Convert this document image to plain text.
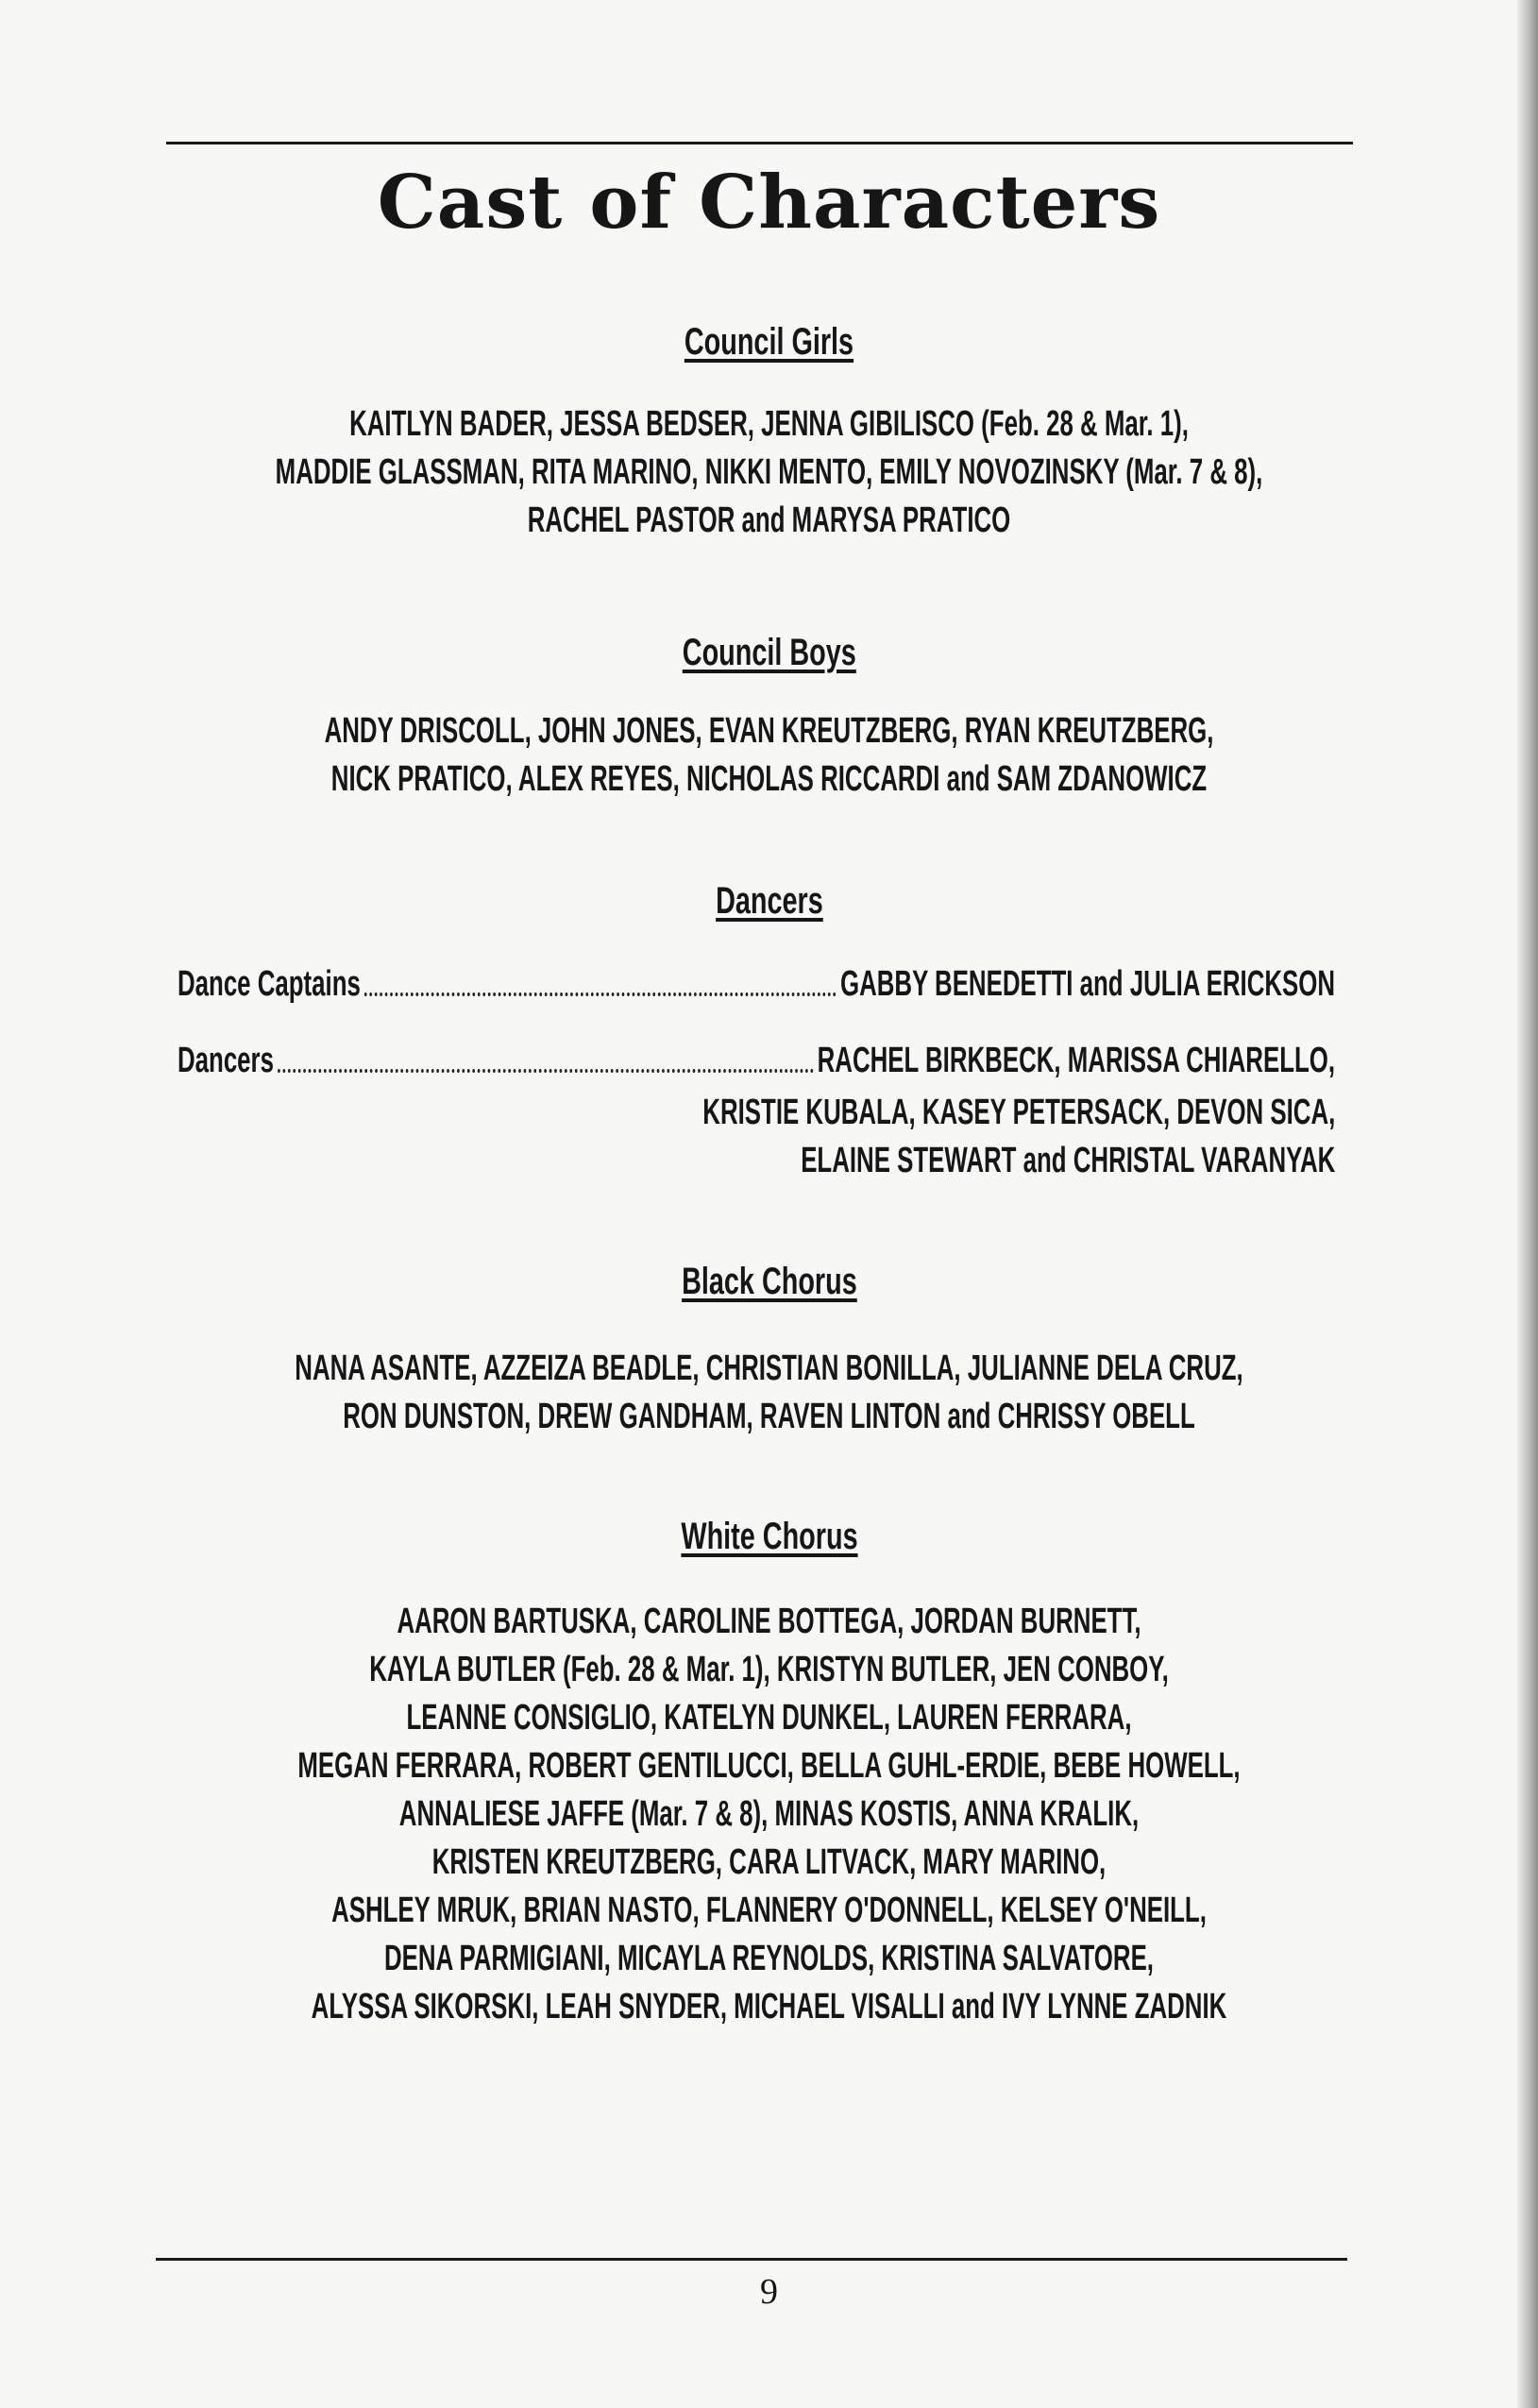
Cast of Characters
Council Girls
KAITLYN BADER, JESSA BEDSER, JENNA GIBILISCO (Feb. 28 & Mar. 1),
MADDIE GLASSMAN, RITA MARINO, NIKKI MENTO, EMILY NOVOZINSKY (Mar. 7 & 8),
RACHEL PASTOR and MARYSA PRATICO
Council Boys
ANDY DRISCOLL, JOHN JONES, EVAN KREUTZBERG, RYAN KREUTZBERG,
NICK PRATICO, ALEX REYES, NICHOLAS RICCARDI and SAM ZDANOWICZ
Dancers
Dance Captains	GABBY BENEDETTI and JULIA ERICKSON
Dancers	RACHEL BIRKBECK, MARISSA CHIARELLO,
KRISTIE KUBALA, KASEY PETERSACK, DEVON SICA,
ELAINE STEWART and CHRISTAL VARANYAK
Black Chorus
NANA ASANTE, AZZEIZA BEADLE, CHRISTIAN BONILLA, JULIANNE DELA CRUZ,
RON DUNSTON, DREW GANDHAM, RAVEN LINTON and CHRISSY OBELL
White Chorus
AARON BARTUSKA, CAROLINE BOTTEGA, JORDAN BURNETT,
KAYLA BUTLER (Feb. 28 & Mar. 1), KRISTYN BUTLER, JEN CONBOY,
LEANNE CONSIGLIO, KATELYN DUNKEL, LAUREN FERRARA,
MEGAN FERRARA, ROBERT GENTILUCCI, BELLA GUHL-ERDIE, BEBE HOWELL,
ANNALIESE JAFFE (Mar. 7 & 8), MINAS KOSTIS, ANNA KRALIK,
KRISTEN KREUTZBERG, CARA LITVACK, MARY MARINO,
ASHLEY MRUK, BRIAN NASTO, FLANNERY O'DONNELL, KELSEY O'NEILL,
DENA PARMIGIANI, MICAYLA REYNOLDS, KRISTINA SALVATORE,
ALYSSA SIKORSKI, LEAH SNYDER, MICHAEL VISALLI and IVY LYNNE ZADNIK
9
